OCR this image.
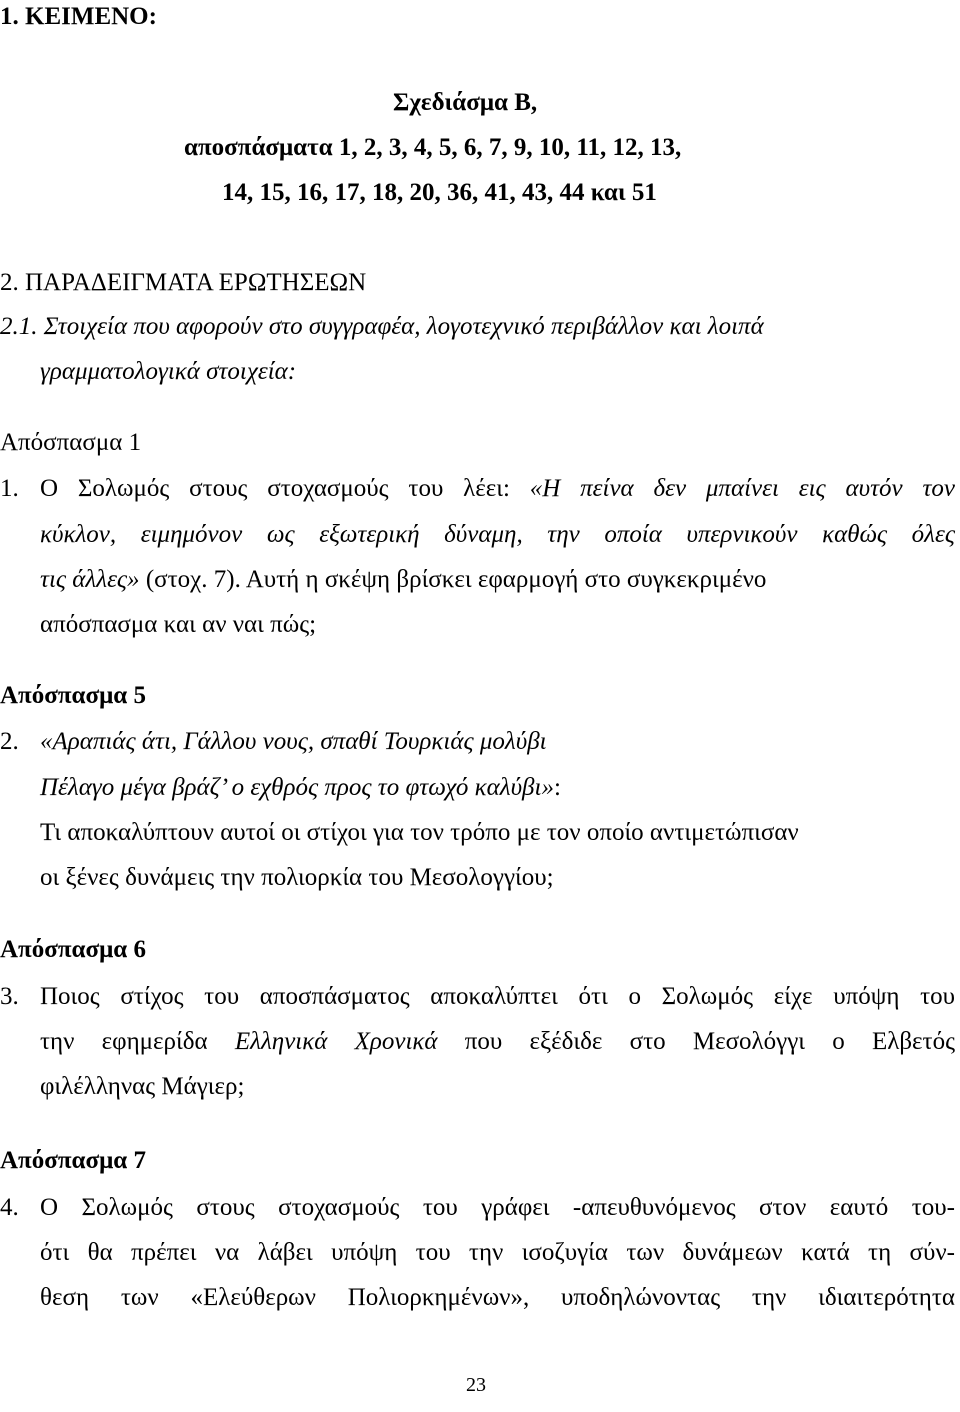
1. ΚΕΙΜΕΝΟ:
Σχεδιάσμα Β,
αποσπάσματα 1, 2, 3, 4, 5, 6, 7, 9, 10, 11, 12, 13,
14, 15, 16, 17, 18, 20, 36, 41, 43, 44 και 51
2. ΠΑΡΑΔΕΙΓΜΑΤΑ ΕΡΩΤΗΣΕΩΝ
2.1. Στοιχεία που αφορούν στο συγγραφέα, λογοτεχνικό περιβάλλον και λοιπά
γραμματολογικά στοιχεία:
Απόσπασμα 1
1. Ο Σολωμός στους στοχασμούς του λέει: «Η πείνα δεν μπαίνει εις αυτόν τον
κύκλον, ειμημόνον ως εξωτερική δύναμη, την οποία υπερνικούν καθώς όλες
τις άλλες» (στοχ. 7). Αυτή η σκέψη βρίσκει εφαρμογή στο συγκεκριμένο
απόσπασμα και αν ναι πώς;
Απόσπασμα 5
2. «Αραπιάς άτι, Γάλλου νους, σπαθί Τουρκιάς μολύβι
Πέλαγο μέγα βράζ’ ο εχθρός προς το φτωχό καλύβι»:
Τι αποκαλύπτουν αυτοί οι στίχοι για τον τρόπο με τον οποίο αντιμετώπισαν
οι ξένες δυνάμεις την πολιορκία του Μεσολογγίου;
Απόσπασμα 6
3. Ποιος στίχος του αποσπάσματος αποκαλύπτει ότι ο Σολωμός είχε υπόψη του
την εφημερίδα Ελληνικά Χρονικά που εξέδιδε στο Μεσολόγγι ο Ελβετός
φιλέλληνας Μάγιερ;
Απόσπασμα 7
4. Ο Σολωμός στους στοχασμούς του γράφει -απευθυνόμενος στον εαυτό του-
ότι θα πρέπει να λάβει υπόψη του την ισοζυγία των δυνάμεων κατά τη σύν-
θεση των «Ελεύθερων Πολιορκημένων», υποδηλώνοντας την ιδιαιτερότητα
23
